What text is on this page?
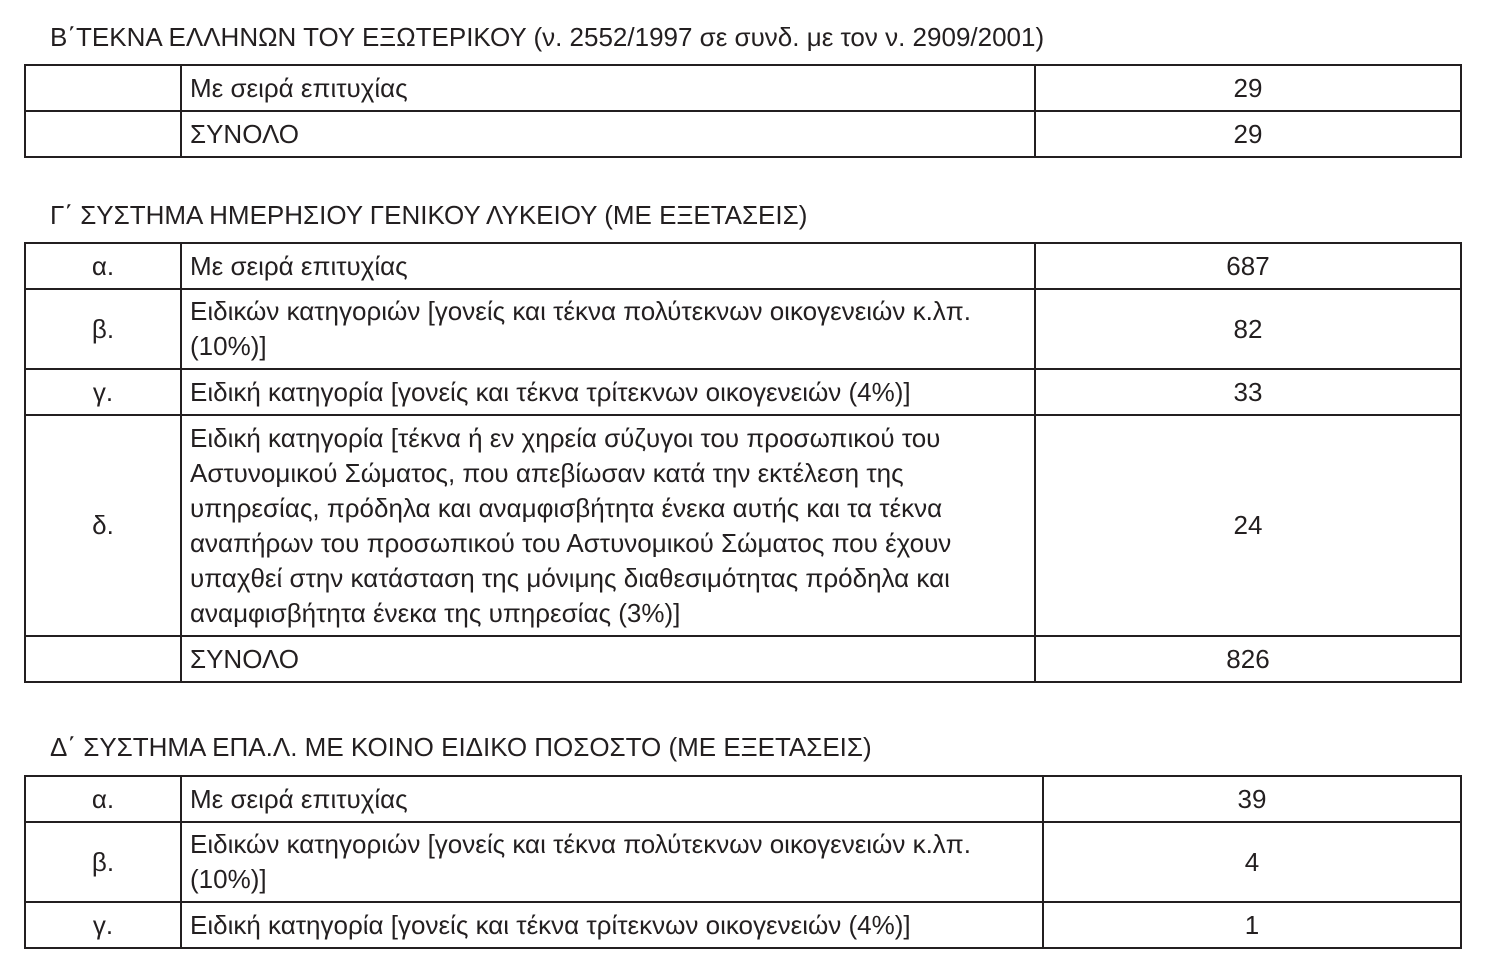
Β΄ΤΕΚΝΑ ΕΛΛΗΝΩΝ ΤΟΥ ΕΞΩΤΕΡΙΚΟΥ (ν. 2552/1997 σε συνδ. με τον ν. 2909/2001)
	Με σειρά επιτυχίας	29
	ΣΥΝΟΛΟ	29
Γ΄ ΣΥΣΤΗΜΑ ΗΜΕΡΗΣΙΟΥ ΓΕΝΙΚΟΥ ΛΥΚΕΙΟΥ (ΜΕ ΕΞΕΤΑΣΕΙΣ)
α.	Με σειρά επιτυχίας	687
β.	Ειδικών κατηγοριών [γονείς και τέκνα πολύτεκνων οικογενειών κ.λπ. (10%)]	82
γ.	Ειδική κατηγορία [γονείς και τέκνα τρίτεκνων οικογενειών (4%)]	33
δ.	Ειδική κατηγορία [τέκνα ή εν χηρεία σύζυγοι του προσωπικού του Αστυνομικού Σώματος, που απεβίωσαν κατά την εκτέλεση της υπηρεσίας, πρόδηλα και αναμφισβήτητα ένεκα αυτής και τα τέκνα αναπήρων του προσωπικού του Αστυνομικού Σώματος που έχουν υπαχθεί στην κατάσταση της μόνιμης διαθεσιμότητας πρόδηλα και αναμφισβήτητα ένεκα της υπηρεσίας (3%)]	24
	ΣΥΝΟΛΟ	826
Δ΄ ΣΥΣΤΗΜΑ ΕΠΑ.Λ. ΜΕ ΚΟΙΝΟ ΕΙΔΙΚΟ ΠΟΣΟΣΤΟ (ΜΕ ΕΞΕΤΑΣΕΙΣ)
α.	Με σειρά επιτυχίας	39
β.	Ειδικών κατηγοριών [γονείς και τέκνα πολύτεκνων οικογενειών κ.λπ. (10%)]	4
γ.	Ειδική κατηγορία [γονείς και τέκνα τρίτεκνων οικογενειών (4%)]	1
